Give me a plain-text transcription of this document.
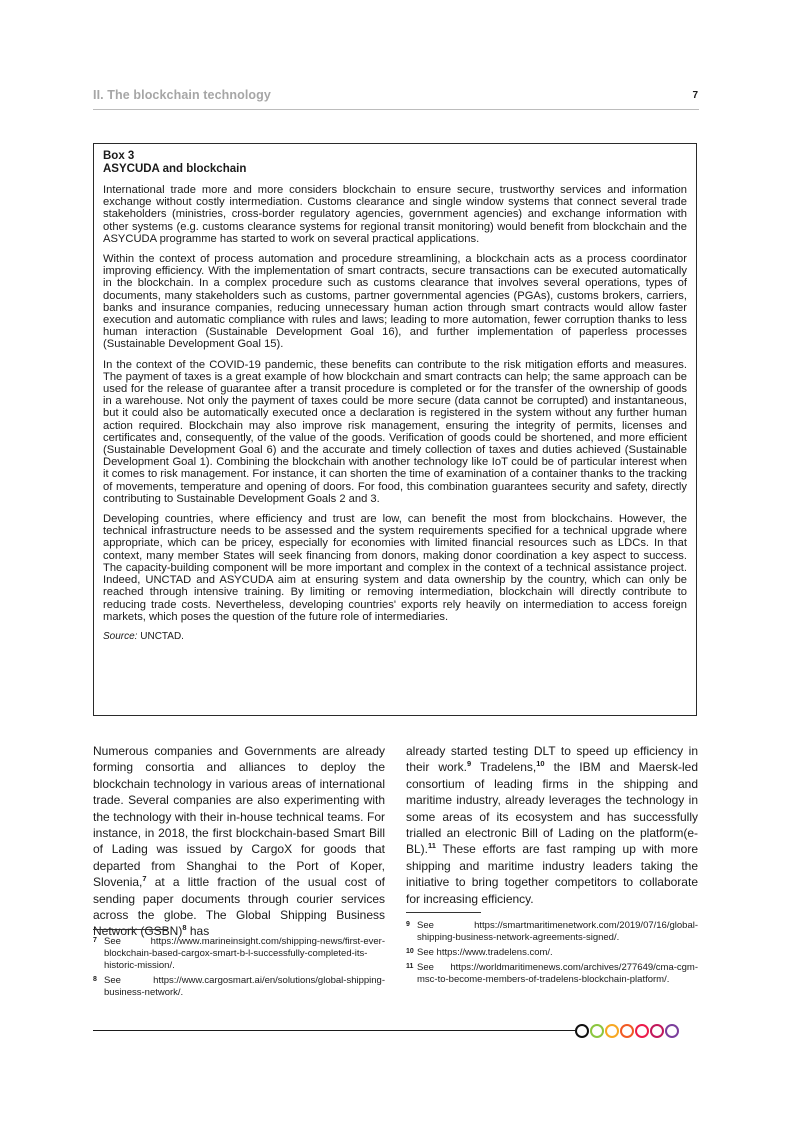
II. The blockchain technology	7

Box 3

ASYCUDA and blockchain

International trade more and more considers blockchain to ensure secure, trustworthy services and information exchange without costly intermediation. Customs clearance and single window systems that connect several trade stakeholders (ministries, cross-border regulatory agencies, government agencies) and exchange information with other systems (e.g. customs clearance systems for regional transit monitoring) would benefit from blockchain and the ASYCUDA programme has started to work on several practical applications.

Within the context of process automation and procedure streamlining, a blockchain acts as a process coordinator improving efficiency. With the implementation of smart contracts, secure transactions can be executed automatically in the blockchain. In a complex procedure such as customs clearance that involves several operations, types of documents, many stakeholders such as customs, partner governmental agencies (PGAs), customs brokers, carriers, banks and insurance companies, reducing unnecessary human action through smart contracts would allow faster execution and automatic compliance with rules and laws; leading to more automation, fewer corruption thanks to less human interaction (Sustainable Development Goal 16), and further implementation of paperless processes (Sustainable Development Goal 15).

In the context of the COVID-19 pandemic, these benefits can contribute to the risk mitigation efforts and measures. The payment of taxes is a great example of how blockchain and smart contracts can help; the same approach can be used for the release of guarantee after a transit procedure is completed or for the transfer of the ownership of goods in a warehouse. Not only the payment of taxes could be more secure (data cannot be corrupted) and instantaneous, but it could also be automatically executed once a declaration is registered in the system without any further human action required. Blockchain may also improve risk management, ensuring the integrity of permits, licenses and certificates and, consequently, of the value of the goods. Verification of goods could be shortened, and more efficient (Sustainable Development Goal 6) and the accurate and timely collection of taxes and duties achieved (Sustainable Development Goal 1). Combining the blockchain with another technology like IoT could be of particular interest when it comes to risk management. For instance, it can shorten the time of examination of a container thanks to the tracking of movements, temperature and opening of doors. For food, this combination guarantees security and safety, directly contributing to Sustainable Development Goals 2 and 3.

Developing countries, where efficiency and trust are low, can benefit the most from blockchains. However, the technical infrastructure needs to be assessed and the system requirements specified for a technical upgrade where appropriate, which can be pricey, especially for economies with limited financial resources such as LDCs. In that context, many member States will seek financing from donors, making donor coordination a key aspect to success. The capacity-building component will be more important and complex in the context of a technical assistance project. Indeed, UNCTAD and ASYCUDA aim at ensuring system and data ownership by the country, which can only be reached through intensive training. By limiting or removing intermediation, blockchain will directly contribute to reducing trade costs. Nevertheless, developing countries' exports rely heavily on intermediation to access foreign markets, which poses the question of the future role of intermediaries.

Source: UNCTAD.

Numerous companies and Governments are already forming consortia and alliances to deploy the blockchain technology in various areas of international trade. Several companies are also experimenting with the technology with their in-house technical teams. For instance, in 2018, the first blockchain-based Smart Bill of Lading was issued by CargoX for goods that departed from Shanghai to the Port of Koper, Slovenia,$^7$ at a little fraction of the usual cost of sending paper documents through courier services across the globe. The Global Shipping Business Network (GSBN)$^8$ has

already started testing DLT to speed up efficiency in their work.$^9$ Tradelens,$^{10}$ the IBM and Maersk-led consortium of leading firms in the shipping and maritime industry, already leverages the technology in some areas of its ecosystem and has successfully trialled an electronic Bill of Lading on the platform(e-BL).$^{11}$ These efforts are fast ramping up with more shipping and maritime industry leaders taking the initiative to bring together competitors to collaborate for increasing efficiency.

7 See https://www.marineinsight.com/shipping-news/first-ever-blockchain-based-cargox-smart-b-l-successfully-completed-its-historic-mission/.
8 See https://www.cargosmart.ai/en/solutions/global-shipping-business-network/.
9 See https://smartmaritimenetwork.com/2019/07/16/global-shipping-business-network-agreements-signed/.
10 See https://www.tradelens.com/.
11 See https://worldmaritimenews.com/archives/277649/cma-cgm-msc-to-become-members-of-tradelens-blockchain-platform/.
